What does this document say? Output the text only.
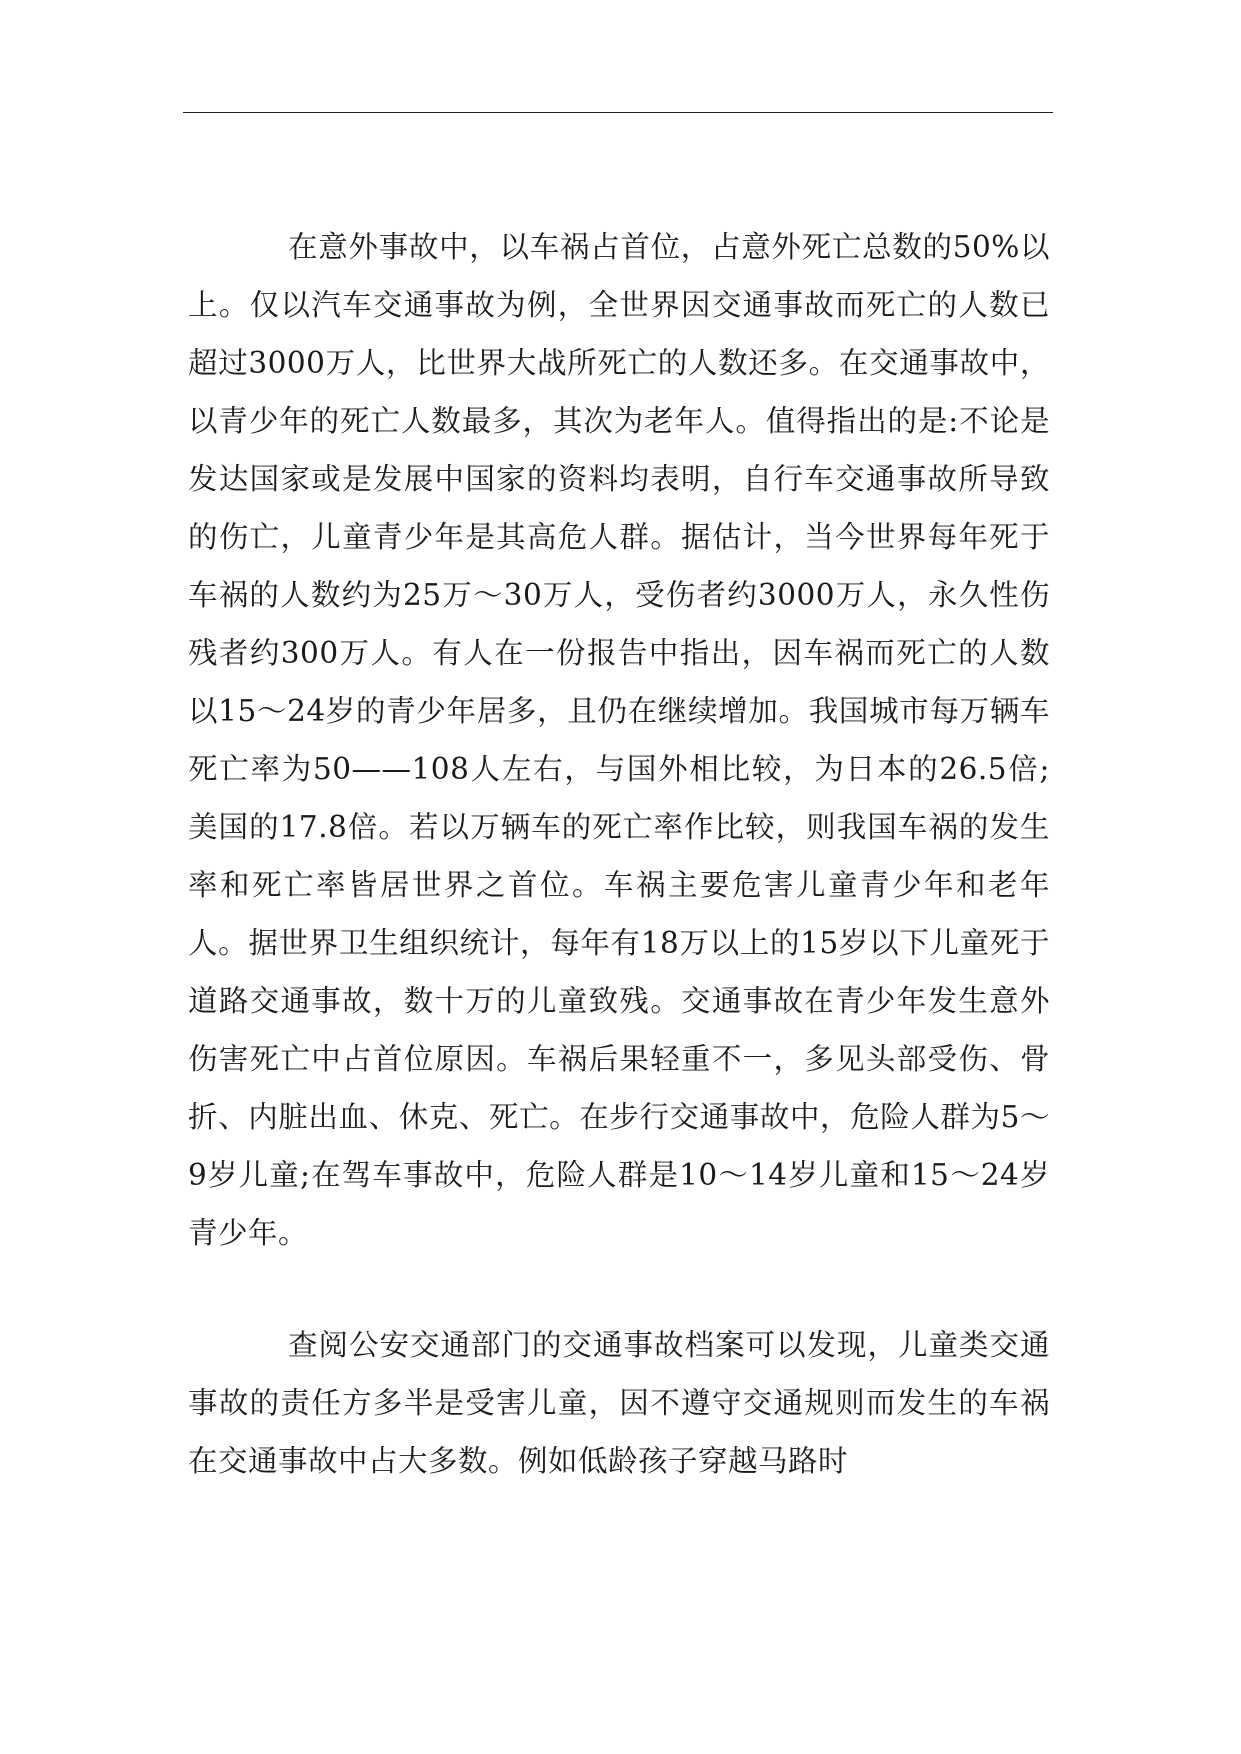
在意外事故中，以车祸占首位，占意外死亡总数的50%以上。仅以汽车交通事故为例，全世界因交通事故而死亡的人数已超过3000万人，比世界大战所死亡的人数还多。在交通事故中，以青少年的死亡人数最多，其次为老年人。值得指出的是:不论是发达国家或是发展中国家的资料均表明，自行车交通事故所导致的伤亡，儿童青少年是其高危人群。据估计，当今世界每年死于车祸的人数约为25万～30万人，受伤者约3000万人，永久性伤残者约300万人。有人在一份报告中指出，因车祸而死亡的人数以15～24岁的青少年居多，且仍在继续增加。我国城市每万辆车死亡率为50——108人左右，与国外相比较，为日本的26.5倍;美国的17.8倍。若以万辆车的死亡率作比较，则我国车祸的发生率和死亡率皆居世界之首位。车祸主要危害儿童青少年和老年人。据世界卫生组织统计，每年有18万以上的15岁以下儿童死于道路交通事故，数十万的儿童致残。交通事故在青少年发生意外伤害死亡中占首位原因。车祸后果轻重不一，多见头部受伤、骨折、内脏出血、休克、死亡。在步行交通事故中，危险人群为5～9岁儿童;在驾车事故中，危险人群是10～14岁儿童和15～24岁青少年。

查阅公安交通部门的交通事故档案可以发现，儿童类交通事故的责任方多半是受害儿童，因不遵守交通规则而发生的车祸在交通事故中占大多数。例如低龄孩子穿越马路时
